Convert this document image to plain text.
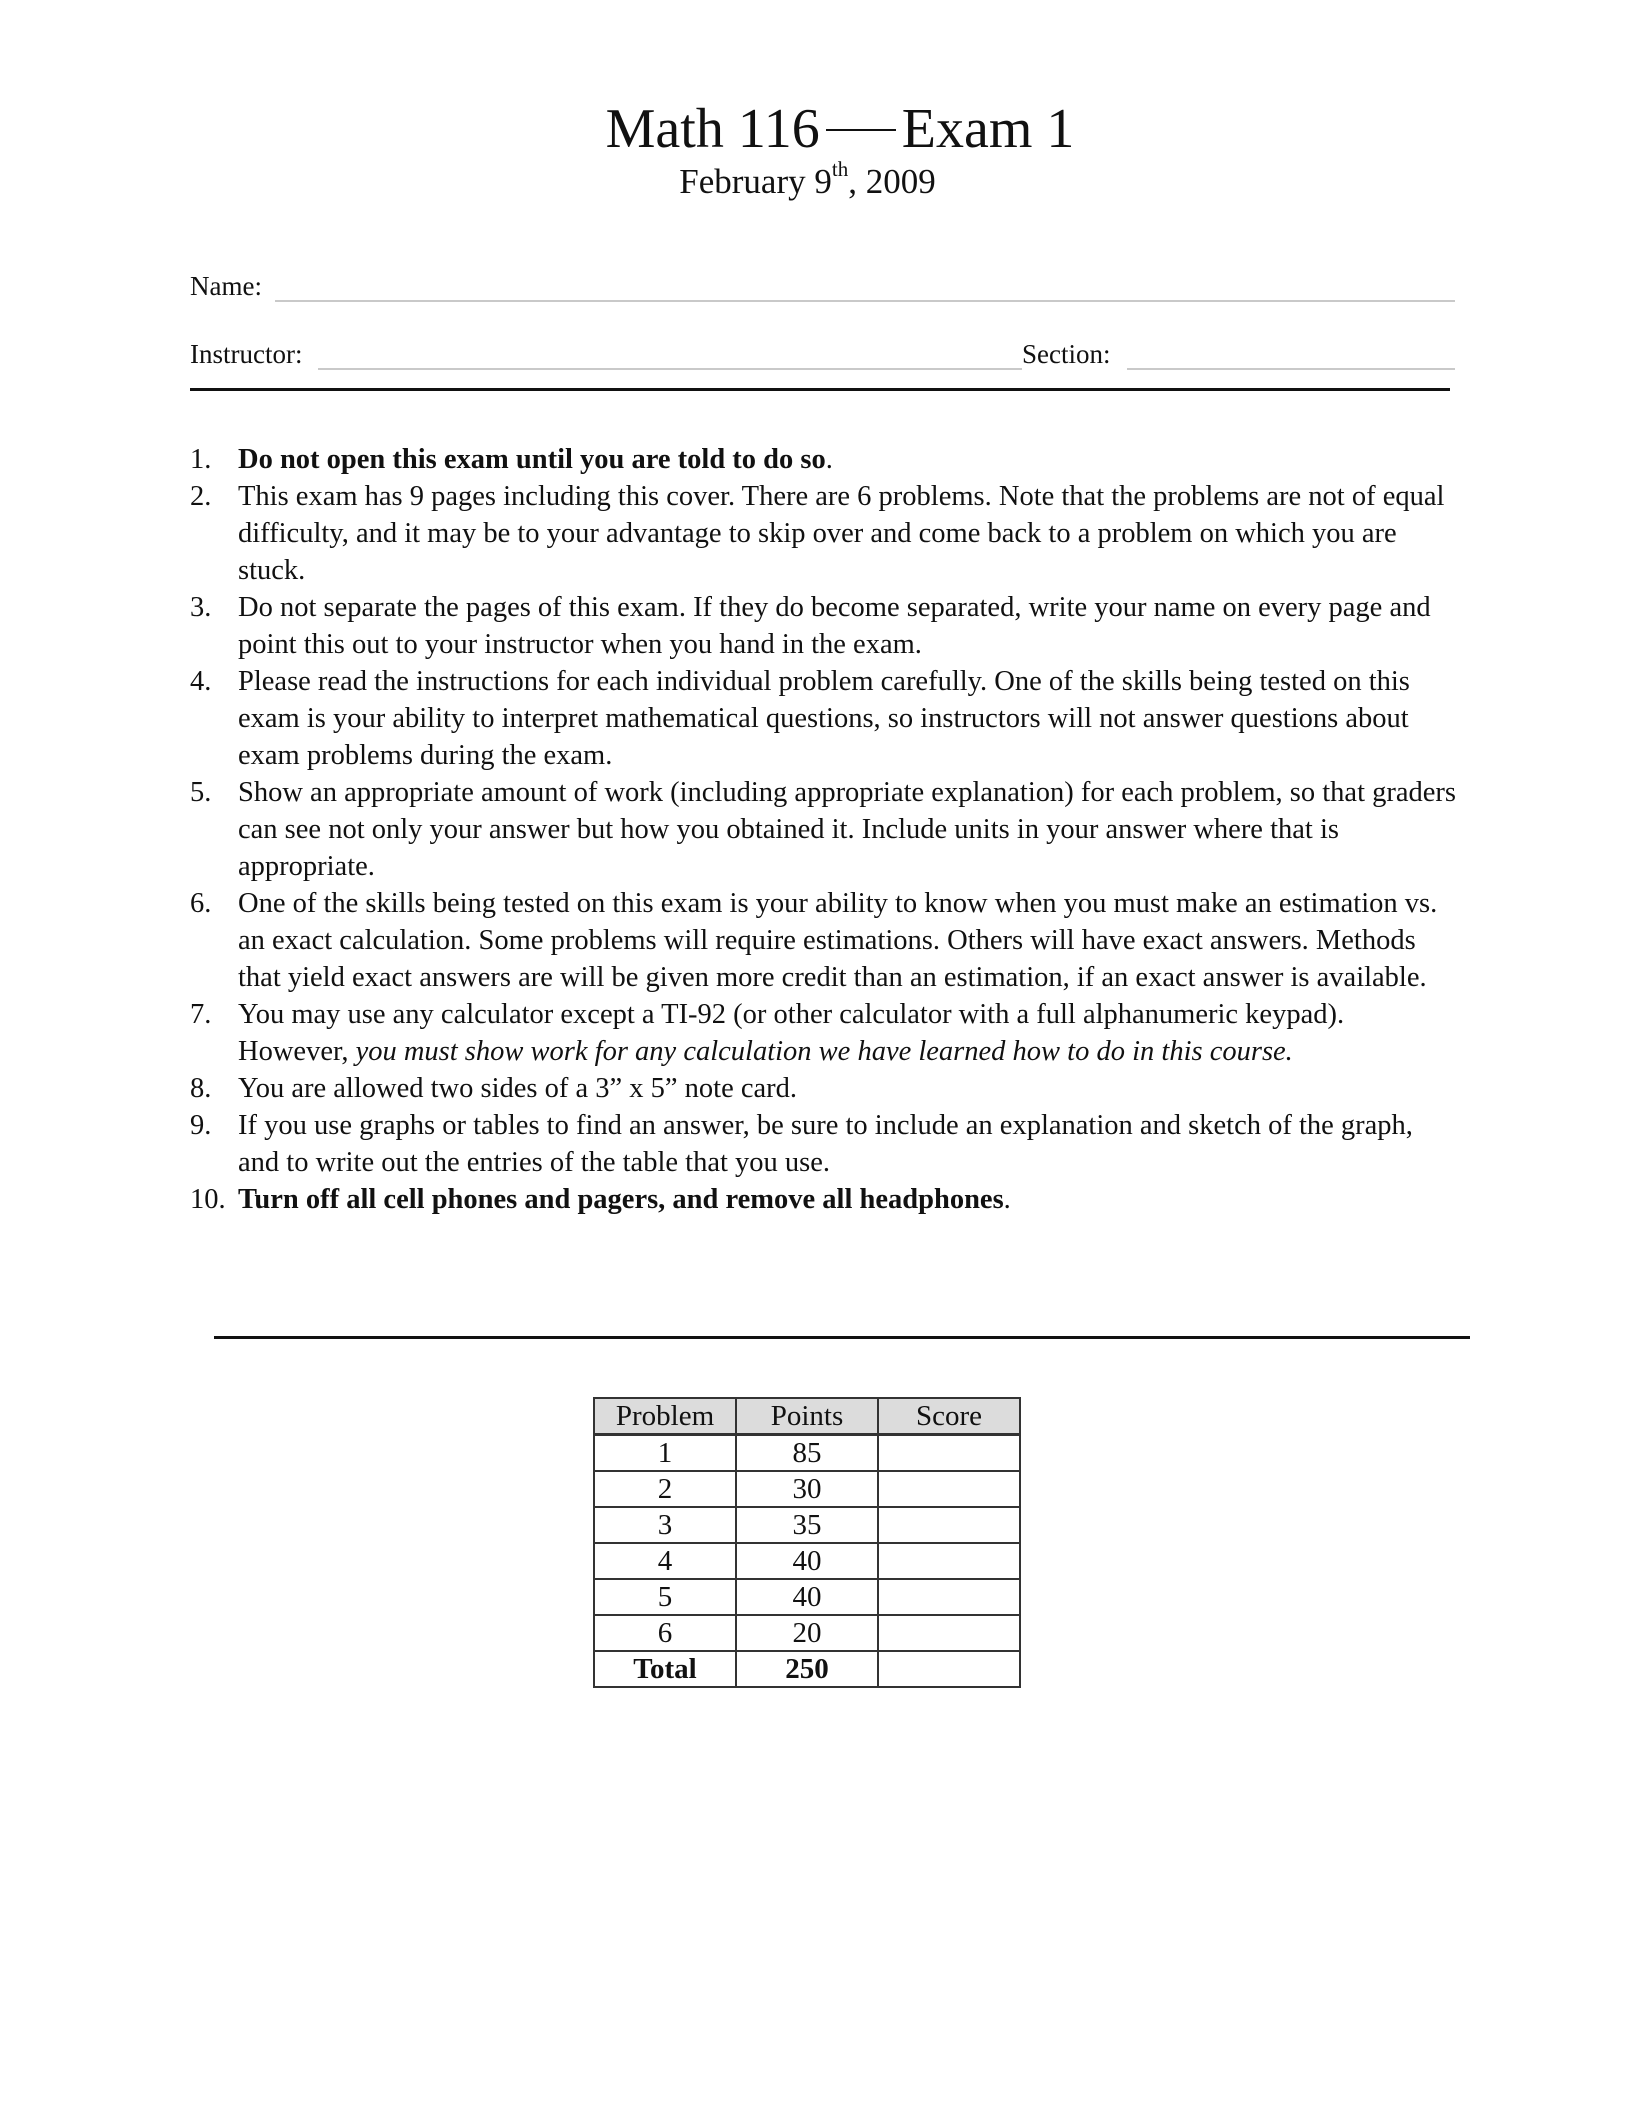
Math 116 Exam 1
February 9th, 2009
Name:
Instructor:	Section:
1. Do not open this exam until you are told to do so.
2. This exam has 9 pages including this cover. There are 6 problems. Note that the problems are not of equal difficulty, and it may be to your advantage to skip over and come back to a problem on which you are stuck.
3. Do not separate the pages of this exam. If they do become separated, write your name on every page and point this out to your instructor when you hand in the exam.
4. Please read the instructions for each individual problem carefully. One of the skills being tested on this exam is your ability to interpret mathematical questions, so instructors will not answer questions about exam problems during the exam.
5. Show an appropriate amount of work (including appropriate explanation) for each problem, so that graders can see not only your answer but how you obtained it. Include units in your answer where that is appropriate.
6. One of the skills being tested on this exam is your ability to know when you must make an estimation vs. an exact calculation. Some problems will require estimations. Others will have exact answers. Methods that yield exact answers are will be given more credit than an estimation, if an exact answer is available.
7. You may use any calculator except a TI-92 (or other calculator with a full alphanumeric keypad). However, you must show work for any calculation we have learned how to do in this course.
8. You are allowed two sides of a 3” x 5” note card.
9. If you use graphs or tables to find an answer, be sure to include an explanation and sketch of the graph, and to write out the entries of the table that you use.
10. Turn off all cell phones and pagers, and remove all headphones.
Problem	Points	Score
1	85	
2	30	
3	35	
4	40	
5	40	
6	20	
Total	250	
